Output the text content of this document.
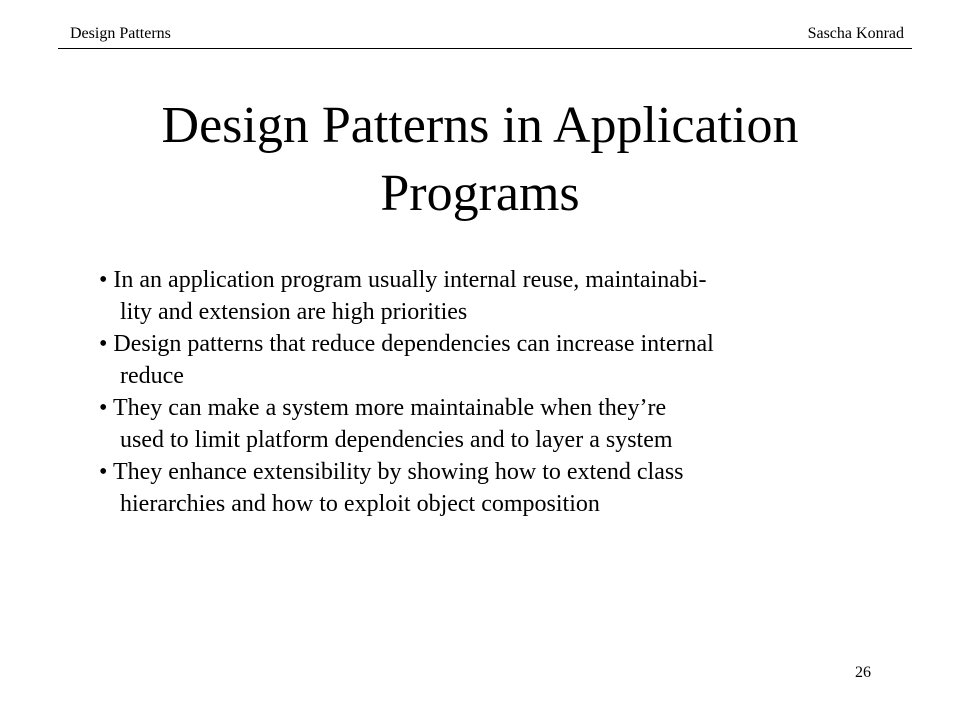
Design Patterns	Sascha Konrad
Design Patterns in Application
Programs
• In an application program usually internal reuse, maintainabi-
lity and extension are high priorities
• Design patterns that reduce dependencies can increase internal
reduce
• They can make a system more maintainable when they’re
used to limit platform dependencies and to layer a system
• They enhance extensibility by showing how to extend class
hierarchies and how to exploit object composition
26
